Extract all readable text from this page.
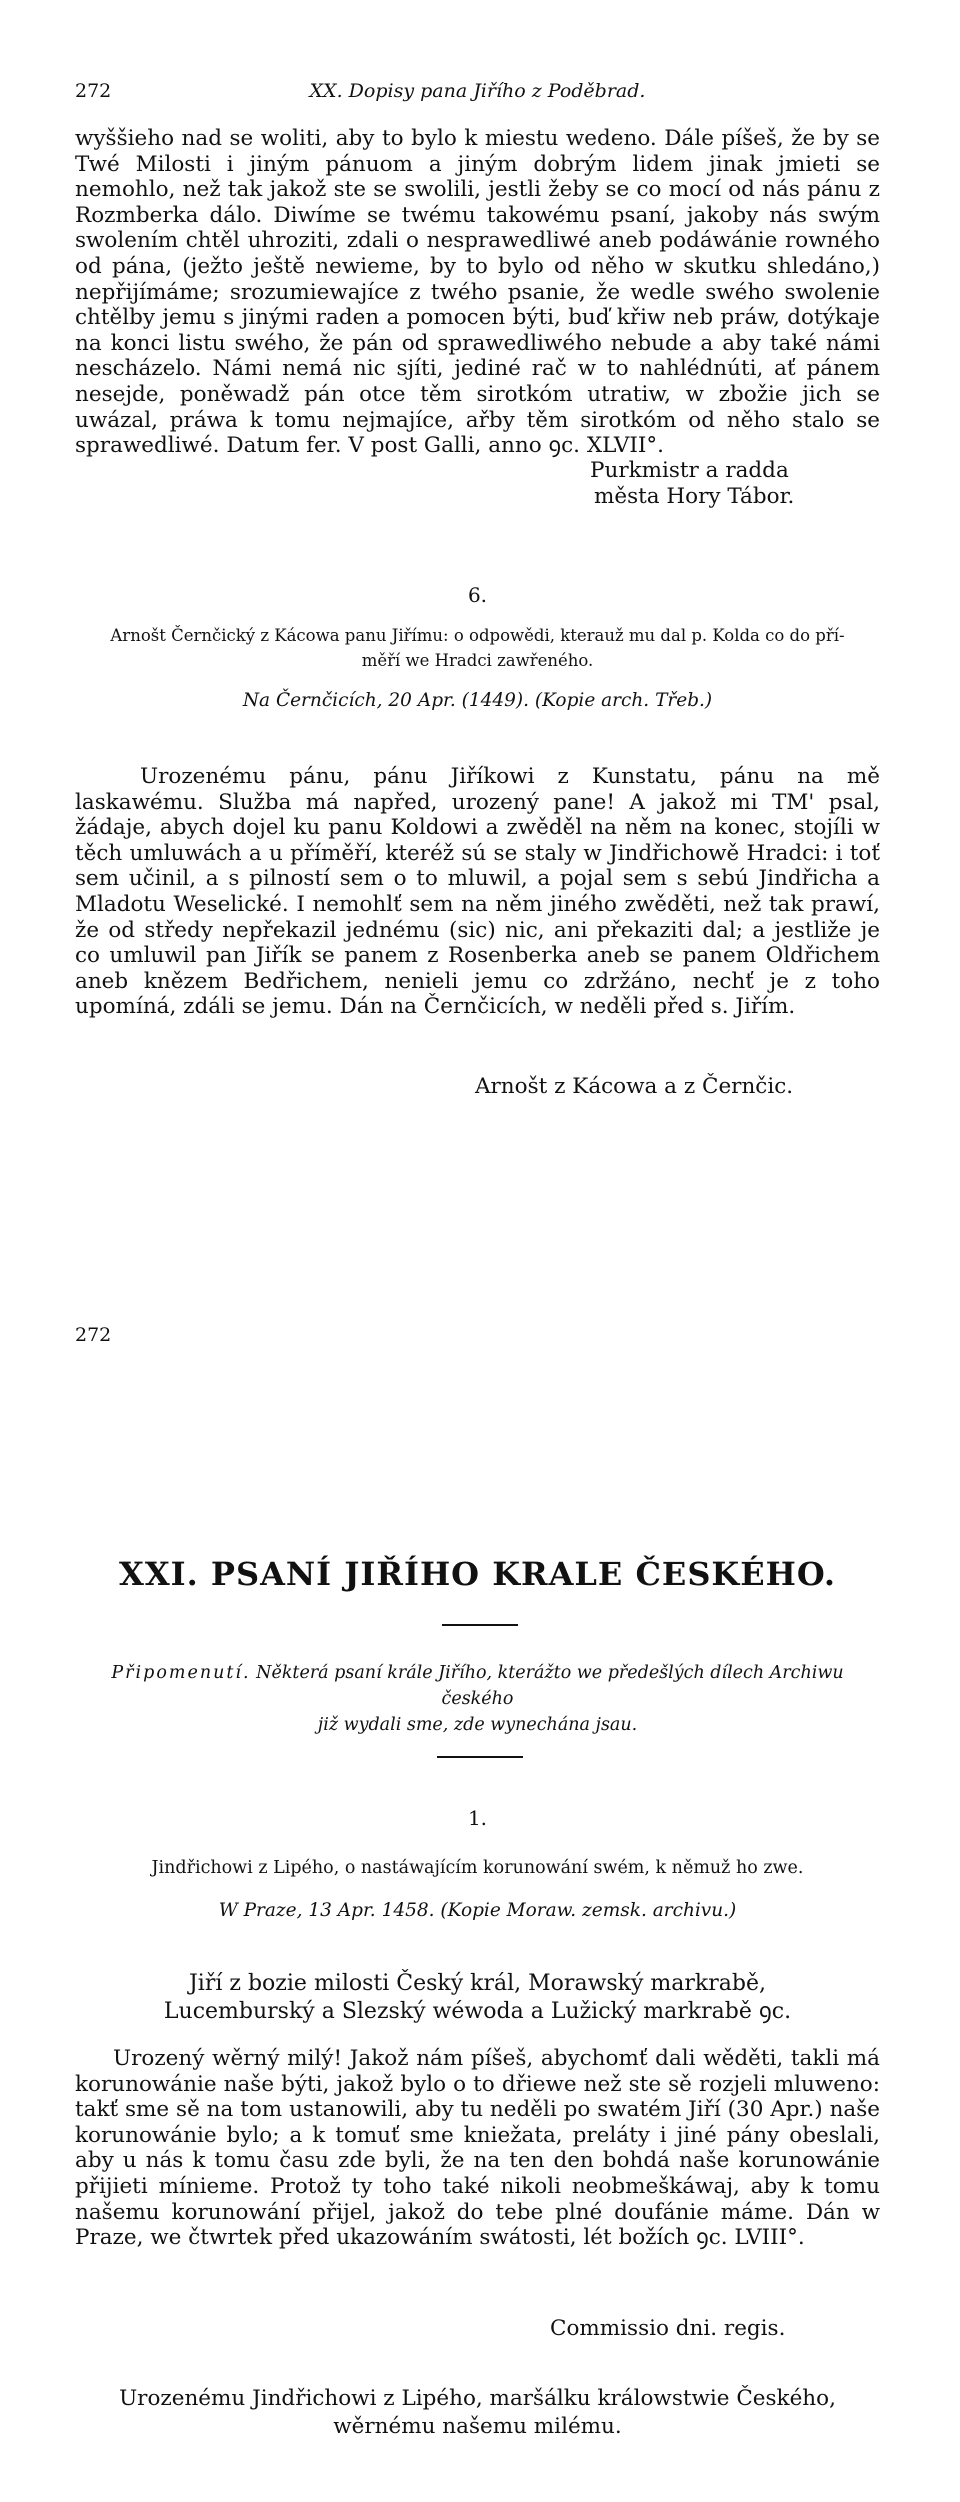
272	XX. Dopisy pana Jiřího z Poděbrad.

wyššieho nad se woliti, aby to bylo k miestu wedeno. Dále píšeš, že by se Twé Milosti i jiným pánuom a jiným dobrým lidem jinak jmieti se nemohlo, než tak jakož ste se swolili, jestli žeby se co mocí od nás pánu z Rozmberka dálo. Diwíme se twému takowému psaní, jakoby nás swým swolením chtěl uhroziti, zdali o nesprawedliwé aneb podáwánie rowného od pána, (ježto ještě newieme, by to bylo od něho w skutku shledáno,) nepřijímáme; srozumiewajíce z twého psanie, že wedle swého swolenie chtělby jemu s jinými raden a pomocen býti, buď křiw neb práw, dotýkaje na konci listu swého, že pán od sprawedliwého nebude a aby také námi nescházelo. Námi nemá nic sjíti, jediné rač w to nahlédnúti, ať pánem nesejde, poněwadž pán otce těm sirotkóm utratiw, w zbožie jich se uwázal, práwa k tomu nejmajíce, ařby těm sirotkóm od něho stalo se sprawedliwé. Datum fer. V post Galli, anno ꝯc. XLVII°.

Purkmistr a radda
města Hory Tábor.
6.
Arnošt Černčický z Kácowa panu Jiřímu: o odpowědi, kterauž mu dal p. Kolda co do pří-
měří we Hradci zawřeného.
Na Černčicích, 20 Apr. (1449). (Kopie arch. Třeb.)

Urozenému pánu, pánu Jiříkowi z Kunstatu, pánu na mě laskawému. Služba má napřed, urozený pane! A jakož mi TM' psal, žádaje, abych dojel ku panu Koldowi a zwěděl na něm na konec, stojíli w těch umluwách a u příměří, kteréž sú se staly w Jindřichowě Hradci: i toť sem učinil, a s pilností sem o to mluwil, a pojal sem s sebú Jindřicha a Mladotu Weselické. I nemohlť sem na něm jiného zwěděti, než tak prawí, že od středy nepřekazil jednému (sic) nic, ani překaziti dal; a jestliže je co umluwil pan Jiřík se panem z Rosenberka aneb se panem Oldřichem aneb knězem Bedřichem, nenieli jemu co zdržáno, nechť je z toho upomíná, zdáli se jemu. Dán na Černčicích, w neděli před s. Jiřím.

Arnošt z Kácowa a z Černčic.
272
XXI. PSANÍ JIŘÍHO KRALE ČESKÉHO.
Připomenutí. Některá psaní krále Jiřího, kterážto we předešlých dílech Archiwu českého
již wydali sme, zde wynechána jsau.
1.
Jindřichowi z Lipého, o nastáwajícím korunowání swém, k němuž ho zwe.
W Praze, 13 Apr. 1458. (Kopie Moraw. zemsk. archivu.)
Jiří z bozie milosti Český král, Morawský markrabě,
Lucemburský a Slezský wéwoda a Lužický markrabě ꝯc.

Urozený wěrný milý! Jakož nám píšeš, abychomť dali wěděti, takli má korunowánie naše býti, jakož bylo o to dřiewe než ste sě rozjeli mluweno: takť sme sě na tom ustanowili, aby tu neděli po swatém Jiří (30 Apr.) naše korunowánie bylo; a k tomuť sme kniežata, preláty i jiné pány obeslali, aby u nás k tomu času zde byli, že na ten den bohdá naše korunowánie přijieti mínieme. Protož ty toho také nikoli neobmeškáwaj, aby k tomu našemu korunowání přijel, jakož do tebe plné doufánie máme. Dán w Praze, we čtwrtek před ukazowáním swátosti, lét božích ꝯc. LVIII°.

Commissio dni. regis.
Urozenému Jindřichowi z Lipého, maršálku králowstwie Českého,
wěrnému našemu milému.
